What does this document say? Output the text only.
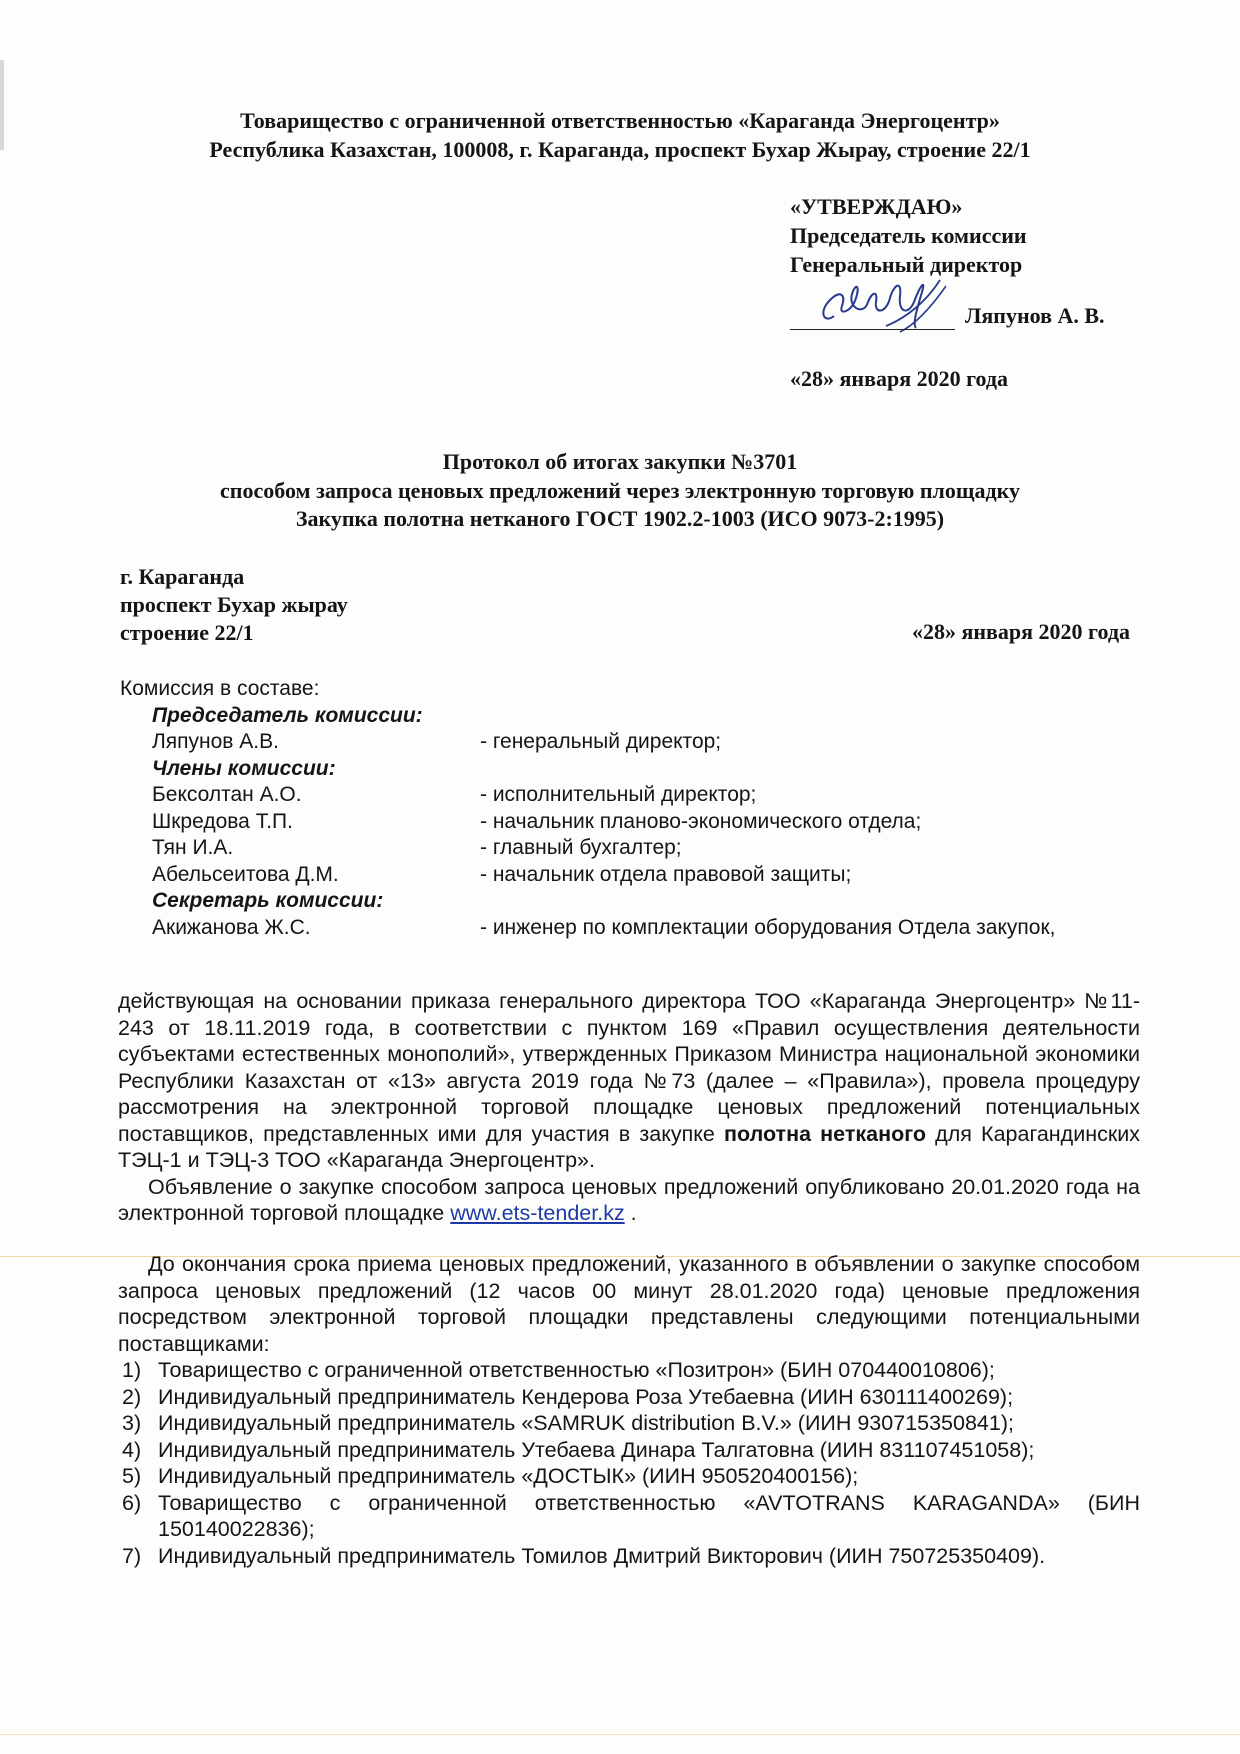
Товарищество с ограниченной ответственностью «Караганда Энергоцентр»
Республика Казахстан, 100008, г. Караганда, проспект Бухар Жырау, строение 22/1
«УТВЕРЖДАЮ»
Председатель комиссии
Генеральный директор
Ляпунов А. В.
«28» января 2020 года
Протокол об итогах закупки №3701
способом запроса ценовых предложений через электронную торговую площадку
Закупка полотна нетканого ГОСТ 1902.2-1003 (ИСО 9073-2:1995)
г. Караганда
проспект Бухар жырау
строение 22/1	«28» января 2020 года
Комиссия в составе:
Председатель комиссии:
Ляпунов А.В.	- генеральный директор;
Члены комиссии:
Бексолтан А.О.	- исполнительный директор;
Шкредова Т.П.	- начальник планово-экономического отдела;
Тян И.А.	- главный бухгалтер;
Абельсеитова Д.М.	- начальник отдела правовой защиты;
Секретарь комиссии:
Акижанова Ж.С.	- инженер по комплектации оборудования Отдела закупок,

действующая на основании приказа генерального директора ТОО «Караганда Энергоцентр» №11-243 от 18.11.2019 года, в соответствии с пунктом 169 «Правил осуществления деятельности субъектами естественных монополий», утвержденных Приказом Министра национальной экономики Республики Казахстан от «13» августа 2019 года №73 (далее – «Правила»), провела процедуру рассмотрения на электронной торговой площадке ценовых предложений потенциальных поставщиков, представленных ими для участия в закупке полотна нетканого для Карагандинских ТЭЦ-1 и ТЭЦ-3 ТОО «Караганда Энергоцентр».

Объявление о закупке способом запроса ценовых предложений опубликовано 20.01.2020 года на электронной торговой площадке www.ets-tender.kz .

До окончания срока приема ценовых предложений, указанного в объявлении о закупке способом запроса ценовых предложений (12 часов 00 минут 28.01.2020 года) ценовые предложения посредством электронной торговой площадки представлены следующими потенциальными поставщиками:

1) Товарищество с ограниченной ответственностью «Позитрон» (БИН 070440010806);
2) Индивидуальный предприниматель Кендерова Роза Утебаевна (ИИН 630111400269);
3) Индивидуальный предприниматель «SAMRUK distribution B.V.» (ИИН 930715350841);
4) Индивидуальный предприниматель Утебаева Динара Талгатовна (ИИН 831107451058);
5) Индивидуальный предприниматель «ДОСТЫК» (ИИН 950520400156);
6) Товарищество с ограниченной ответственностью «AVTOTRANS KARAGANDA» (БИН 150140022836);
7) Индивидуальный предприниматель Томилов Дмитрий Викторович (ИИН 750725350409).
